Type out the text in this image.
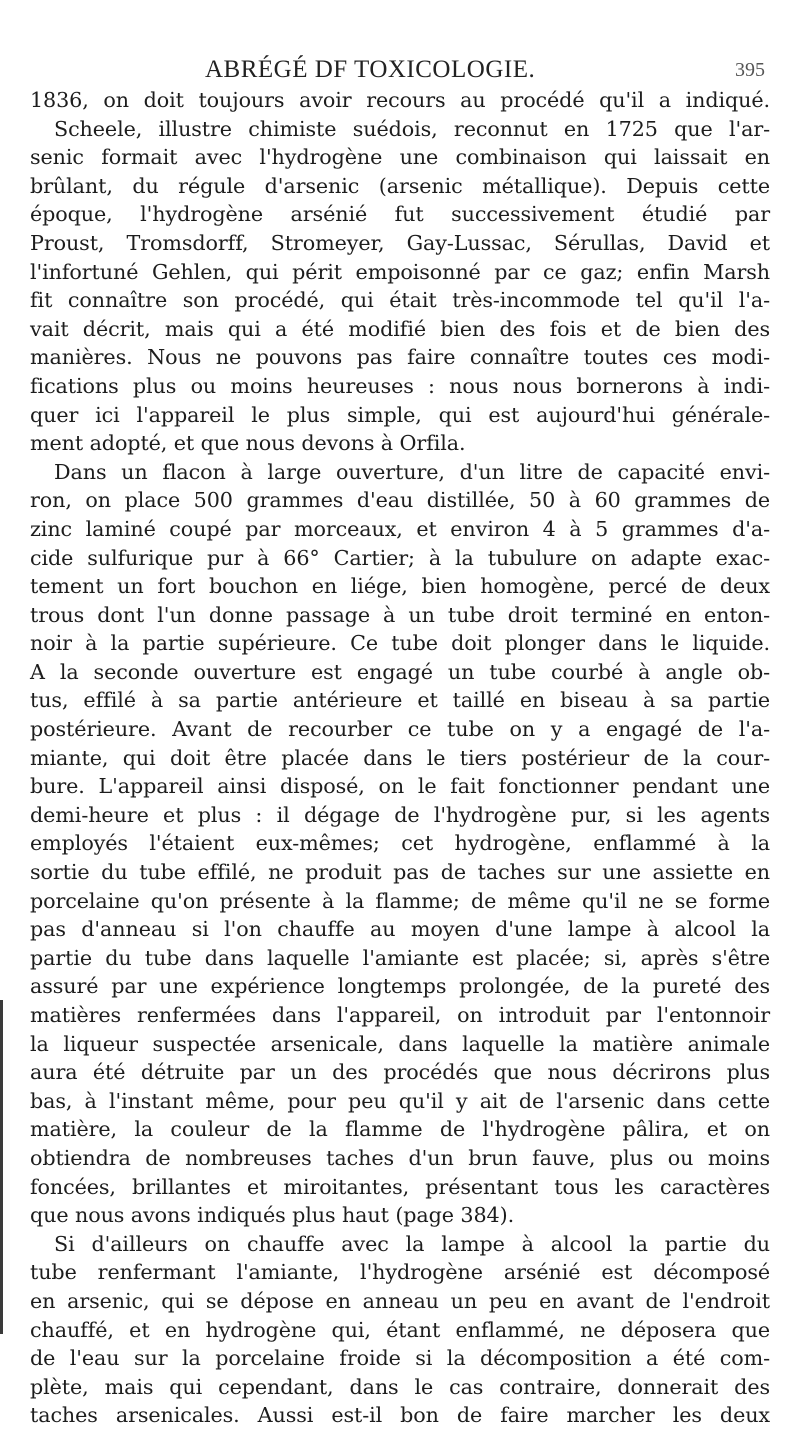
ABRÉGÉ DF TOXICOLOGIE.	395
1836, on doit toujours avoir recours au procédé qu'il a indiqué.
Scheele, illustre chimiste suédois, reconnut en 1725 que l'ar-
senic formait avec l'hydrogène une combinaison qui laissait en
brûlant, du régule d'arsenic (arsenic métallique). Depuis cette
époque, l'hydrogène arsénié fut successivement étudié par
Proust, Tromsdorff, Stromeyer, Gay-Lussac, Sérullas, David et
l'infortuné Gehlen, qui périt empoisonné par ce gaz; enfin Marsh
fit connaître son procédé, qui était très-incommode tel qu'il l'a-
vait décrit, mais qui a été modifié bien des fois et de bien des
manières. Nous ne pouvons pas faire connaître toutes ces modi-
fications plus ou moins heureuses : nous nous bornerons à indi-
quer ici l'appareil le plus simple, qui est aujourd'hui générale-
ment adopté, et que nous devons à Orfila.
Dans un flacon à large ouverture, d'un litre de capacité envi-
ron, on place 500 grammes d'eau distillée, 50 à 60 grammes de
zinc laminé coupé par morceaux, et environ 4 à 5 grammes d'a-
cide sulfurique pur à 66° Cartier; à la tubulure on adapte exac-
tement un fort bouchon en liége, bien homogène, percé de deux
trous dont l'un donne passage à un tube droit terminé en enton-
noir à la partie supérieure. Ce tube doit plonger dans le liquide.
A la seconde ouverture est engagé un tube courbé à angle ob-
tus, effilé à sa partie antérieure et taillé en biseau à sa partie
postérieure. Avant de recourber ce tube on y a engagé de l'a-
miante, qui doit être placée dans le tiers postérieur de la cour-
bure. L'appareil ainsi disposé, on le fait fonctionner pendant une
demi-heure et plus : il dégage de l'hydrogène pur, si les agents
employés l'étaient eux-mêmes; cet hydrogène, enflammé à la
sortie du tube effilé, ne produit pas de taches sur une assiette en
porcelaine qu'on présente à la flamme; de même qu'il ne se forme
pas d'anneau si l'on chauffe au moyen d'une lampe à alcool la
partie du tube dans laquelle l'amiante est placée; si, après s'être
assuré par une expérience longtemps prolongée, de la pureté des
matières renfermées dans l'appareil, on introduit par l'entonnoir
la liqueur suspectée arsenicale, dans laquelle la matière animale
aura été détruite par un des procédés que nous décrirons plus
bas, à l'instant même, pour peu qu'il y ait de l'arsenic dans cette
matière, la couleur de la flamme de l'hydrogène pâlira, et on
obtiendra de nombreuses taches d'un brun fauve, plus ou moins
foncées, brillantes et miroitantes, présentant tous les caractères
que nous avons indiqués plus haut (page 384).
Si d'ailleurs on chauffe avec la lampe à alcool la partie du
tube renfermant l'amiante, l'hydrogène arsénié est décomposé
en arsenic, qui se dépose en anneau un peu en avant de l'endroit
chauffé, et en hydrogène qui, étant enflammé, ne déposera que
de l'eau sur la porcelaine froide si la décomposition a été com-
plète, mais qui cependant, dans le cas contraire, donnerait des
taches arsenicales. Aussi est-il bon de faire marcher les deux
